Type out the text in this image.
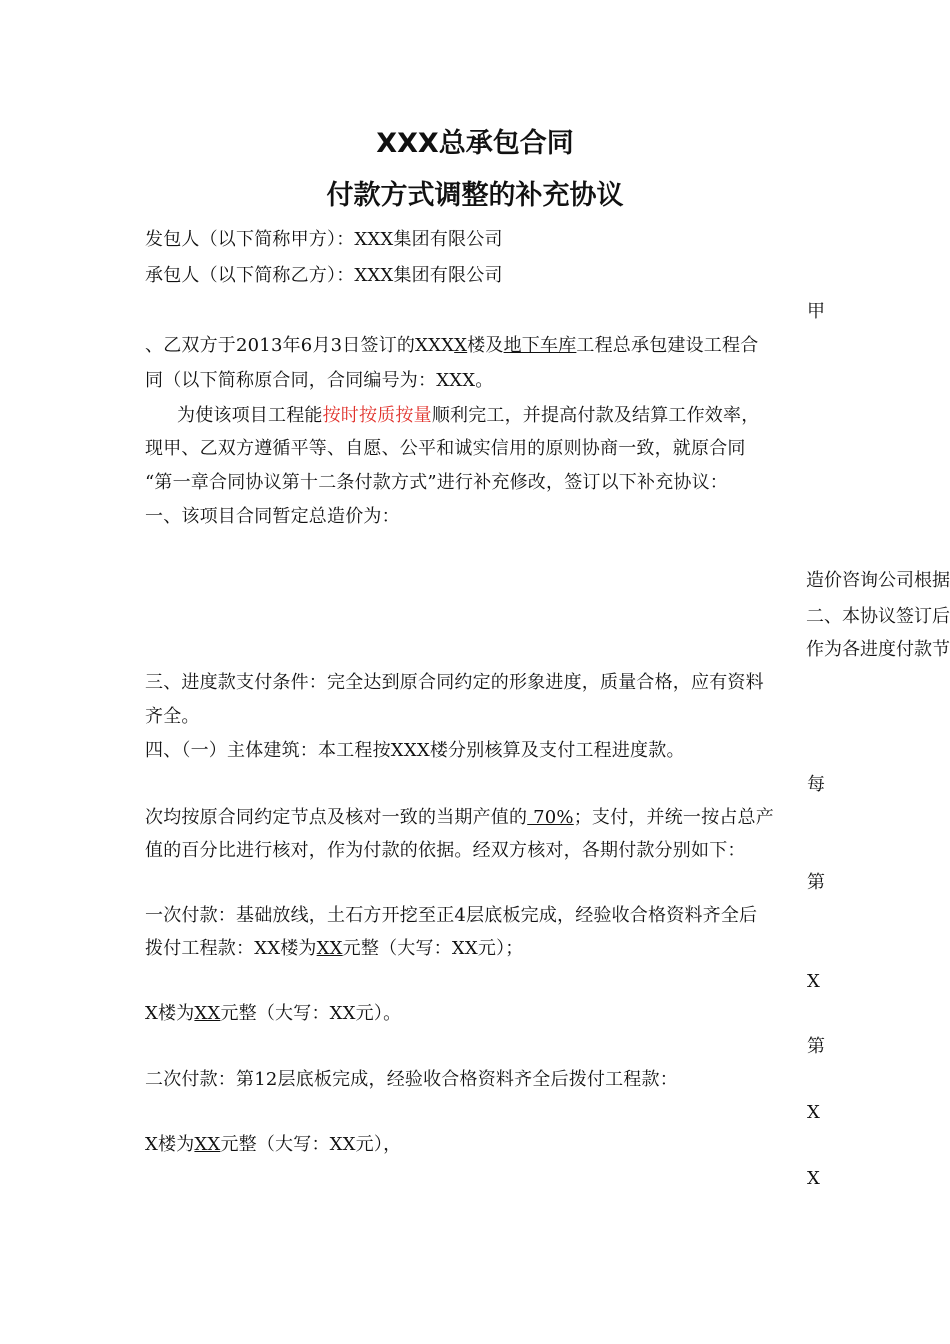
XXX总承包合同
付款方式调整的补充协议
发包人（以下简称甲方）：XXX集团有限公司
承包人（以下简称乙方）：XXX集团有限公司
甲
、乙双方于2013年6月3日签订的XXXX楼及地下车库工程总承包建设工程合
同（以下简称原合同，合同编号为：XXX。
为使该项目工程能按时按质按量顺利完工，并提高付款及结算工作效率，
现甲、乙双方遵循平等、自愿、公平和诚实信用的原则协商一致，就原合同
“第一章合同协议第十二条付款方式”进行补充修改，签订以下补充协议：
一、该项目合同暂定总造价为：
造价咨询公司根据
二、本协议签订后
作为各进度付款节
三、进度款支付条件：完全达到原合同约定的形象进度，质量合格，应有资料
齐全。
四、（一）主体建筑：本工程按XXX楼分别核算及支付工程进度款。
每
次均按原合同约定节点及核对一致的当期产值的 70%；支付，并统一按占总产
值的百分比进行核对，作为付款的依据。经双方核对，各期付款分别如下：
第
一次付款：基础放线，土石方开挖至正4层底板完成，经验收合格资料齐全后
拨付工程款：XX楼为XX元整（大写：XX元）；
X
X楼为XX元整（大写：XX元）。
第
二次付款：第12层底板完成，经验收合格资料齐全后拨付工程款：
X
X楼为XX元整（大写：XX元），
X
